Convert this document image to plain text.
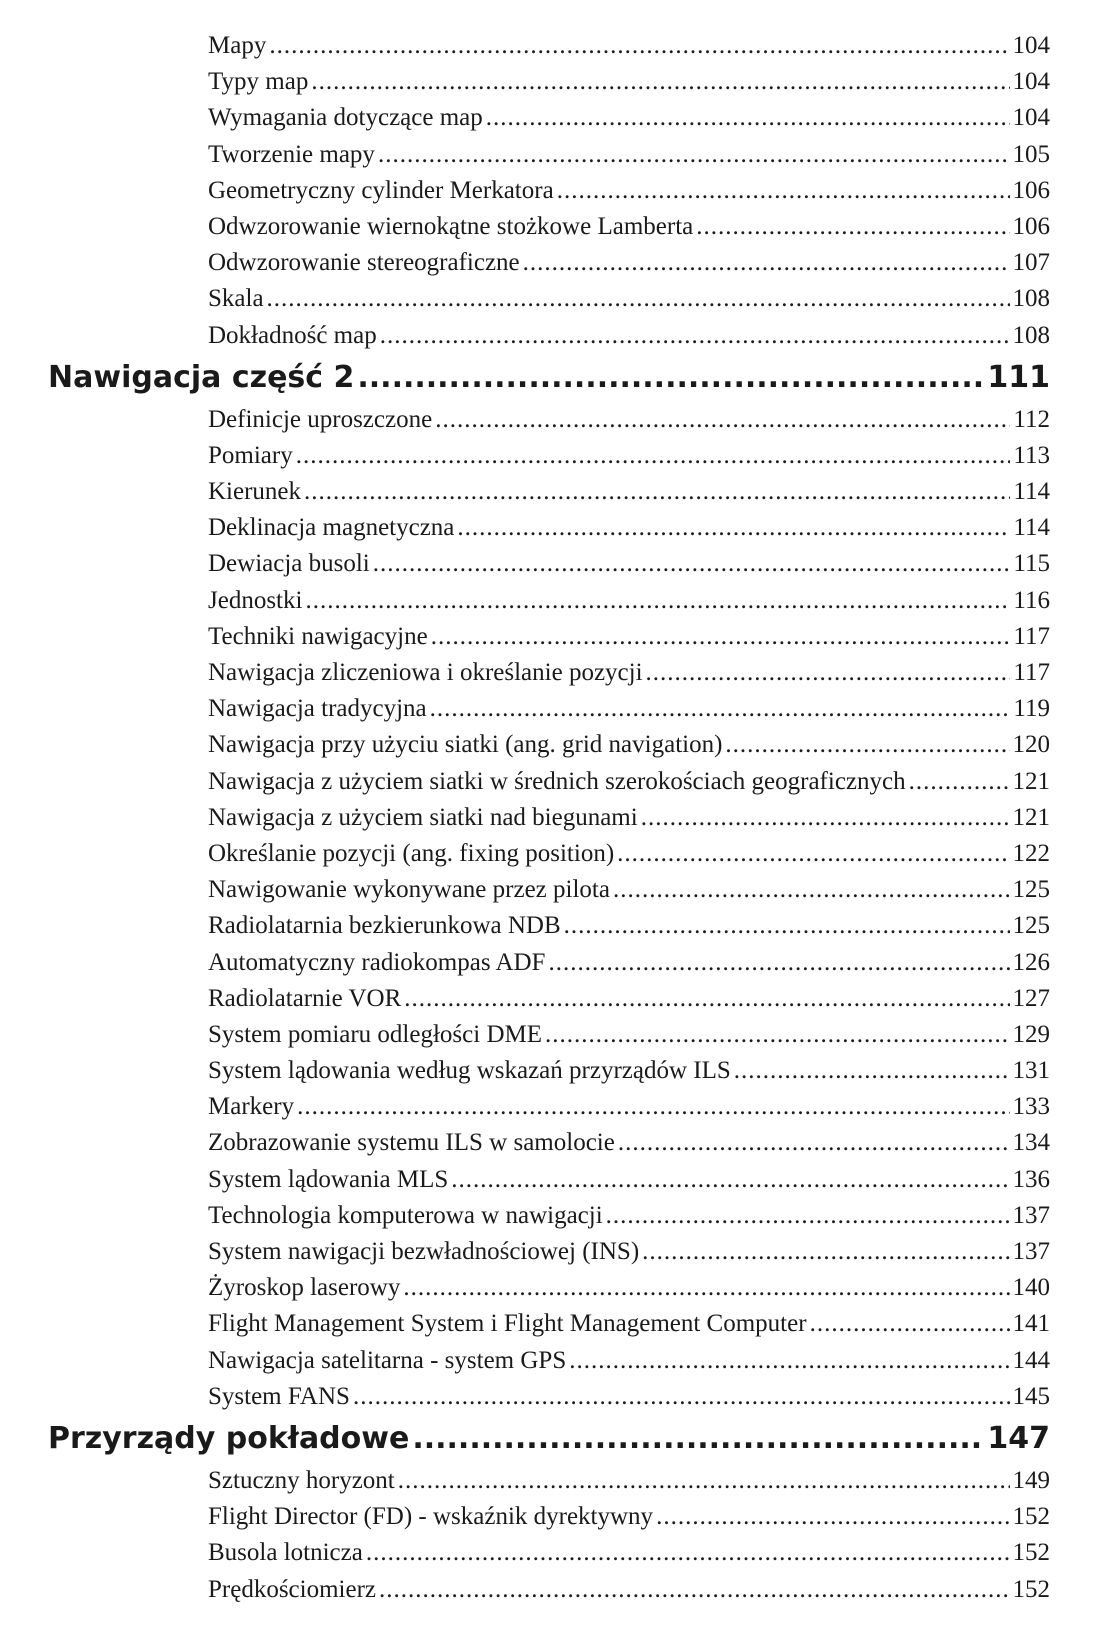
Mapy .....	104
Typy map .....	104
Wymagania dotyczące map .....	104
Tworzenie mapy .....	105
Geometryczny cylinder Merkatora .....	106
Odwzorowanie wiernokątne stożkowe Lamberta .....	106
Odwzorowanie stereograficzne .....	107
Skala .....	108
Dokładność map .....	108
Nawigacja część 2 .....	111
Definicje uproszczone .....	112
Pomiary .....	113
Kierunek .....	114
Deklinacja magnetyczna .....	114
Dewiacja busoli .....	115
Jednostki .....	116
Techniki nawigacyjne .....	117
Nawigacja zliczeniowa i określanie pozycji .....	117
Nawigacja tradycyjna .....	119
Nawigacja przy użyciu siatki (ang. grid navigation) .....	120
Nawigacja z użyciem siatki w średnich szerokościach geograficznych .....	121
Nawigacja z użyciem siatki nad biegunami .....	121
Określanie pozycji (ang. fixing position) .....	122
Nawigowanie wykonywane przez pilota .....	125
Radiolatarnia bezkierunkowa NDB .....	125
Automatyczny radiokompas ADF .....	126
Radiolatarnie VOR .....	127
System pomiaru odległości DME .....	129
System lądowania według wskazań przyrządów ILS .....	131
Markery .....	133
Zobrazowanie systemu ILS w samolocie .....	134
System lądowania MLS .....	136
Technologia komputerowa w nawigacji .....	137
System nawigacji bezwładnościowej (INS) .....	137
Żyroskop laserowy .....	140
Flight Management System i Flight Management Computer .....	141
Nawigacja satelitarna - system GPS .....	144
System FANS .....	145
Przyrządy pokładowe .....	147
Sztuczny horyzont .....	149
Flight Director (FD) - wskaźnik dyrektywny .....	152
Busola lotnicza .....	152
Prędkościomierz .....	152
